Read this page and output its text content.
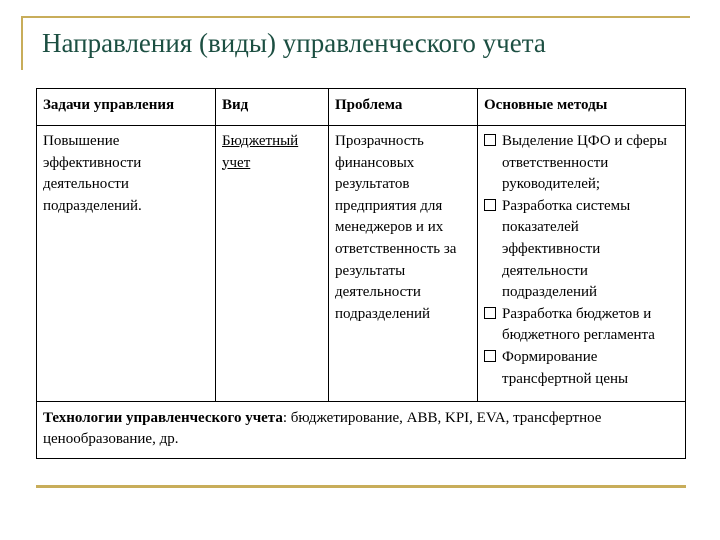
Направления (виды) управленческого учета
Задачи управления	Вид	Проблема	Основные методы
Повышение эффективности деятельности подразделений.	Бюджетный учет	Прозрачность финансовых результатов предприятия для менеджеров и их ответственность за результаты деятельности подразделений	Выделение ЦФО и сферы ответственности руководителей;
Разработка системы показателей эффективности деятельности подразделений
Разработка бюджетов и бюджетного регламента
Формирование трансфертной цены

Технологии управленческого учета: бюджетирование, ABB, KPI, EVA, трансфертное ценообразование, др.			
